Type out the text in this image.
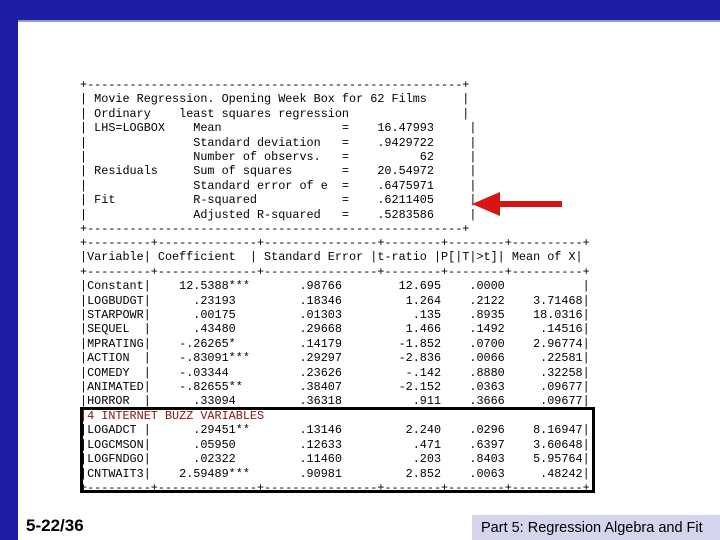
+-----------------------------------------------------+
| Movie Regression. Opening Week Box for 62 Films     |
| Ordinary    least squares regression                |
| LHS=LOGBOX    Mean                 =    16.47993     |
|               Standard deviation   =    .9429722     |
|               Number of observs.   =          62     |
| Residuals     Sum of squares       =    20.54972     |
|               Standard error of e  =    .6475971     |
| Fit           R-squared            =    .6211405     |
|               Adjusted R-squared   =    .5283586     |
+-----------------------------------------------------+
+---------+--------------+----------------+--------+--------+----------+
|Variable| Coefficient  | Standard Error |t-ratio |P[|T|>t]| Mean of X|
+---------+--------------+----------------+--------+--------+----------+
|Constant|    12.5388***       .98766        12.695    .0000           |
|LOGBUDGT|      .23193         .18346         1.264    .2122    3.71468|
|STARPOWR|      .00175         .01303          .135    .8935    18.0316|
|SEQUEL  |      .43480         .29668         1.466    .1492     .14516|
|MPRATING|    -.26265*         .14179        -1.852    .0700    2.96774|
|ACTION  |    -.83091***       .29297        -2.836    .0066     .22581|
|COMEDY  |    -.03344          .23626         -.142    .8880     .32258|
|ANIMATED|    -.82655**        .38407        -2.152    .0363     .09677|
|HORROR  |      .33094         .36318          .911    .3666     .09677|
|4 INTERNET BUZZ VARIABLES
|LOGADCT |      .29451**       .13146         2.240    .0296    8.16947|
|LOGCMSON|      .05950         .12633          .471    .6397    3.60648|
|LOGFNDGO|      .02322         .11460          .203    .8403    5.95764|
|CNTWAIT3|    2.59489***       .90981         2.852    .0063     .48242|
+---------+--------------+----------------+--------+--------+----------+
5-22/36	Part 5: Regression Algebra and Fit
